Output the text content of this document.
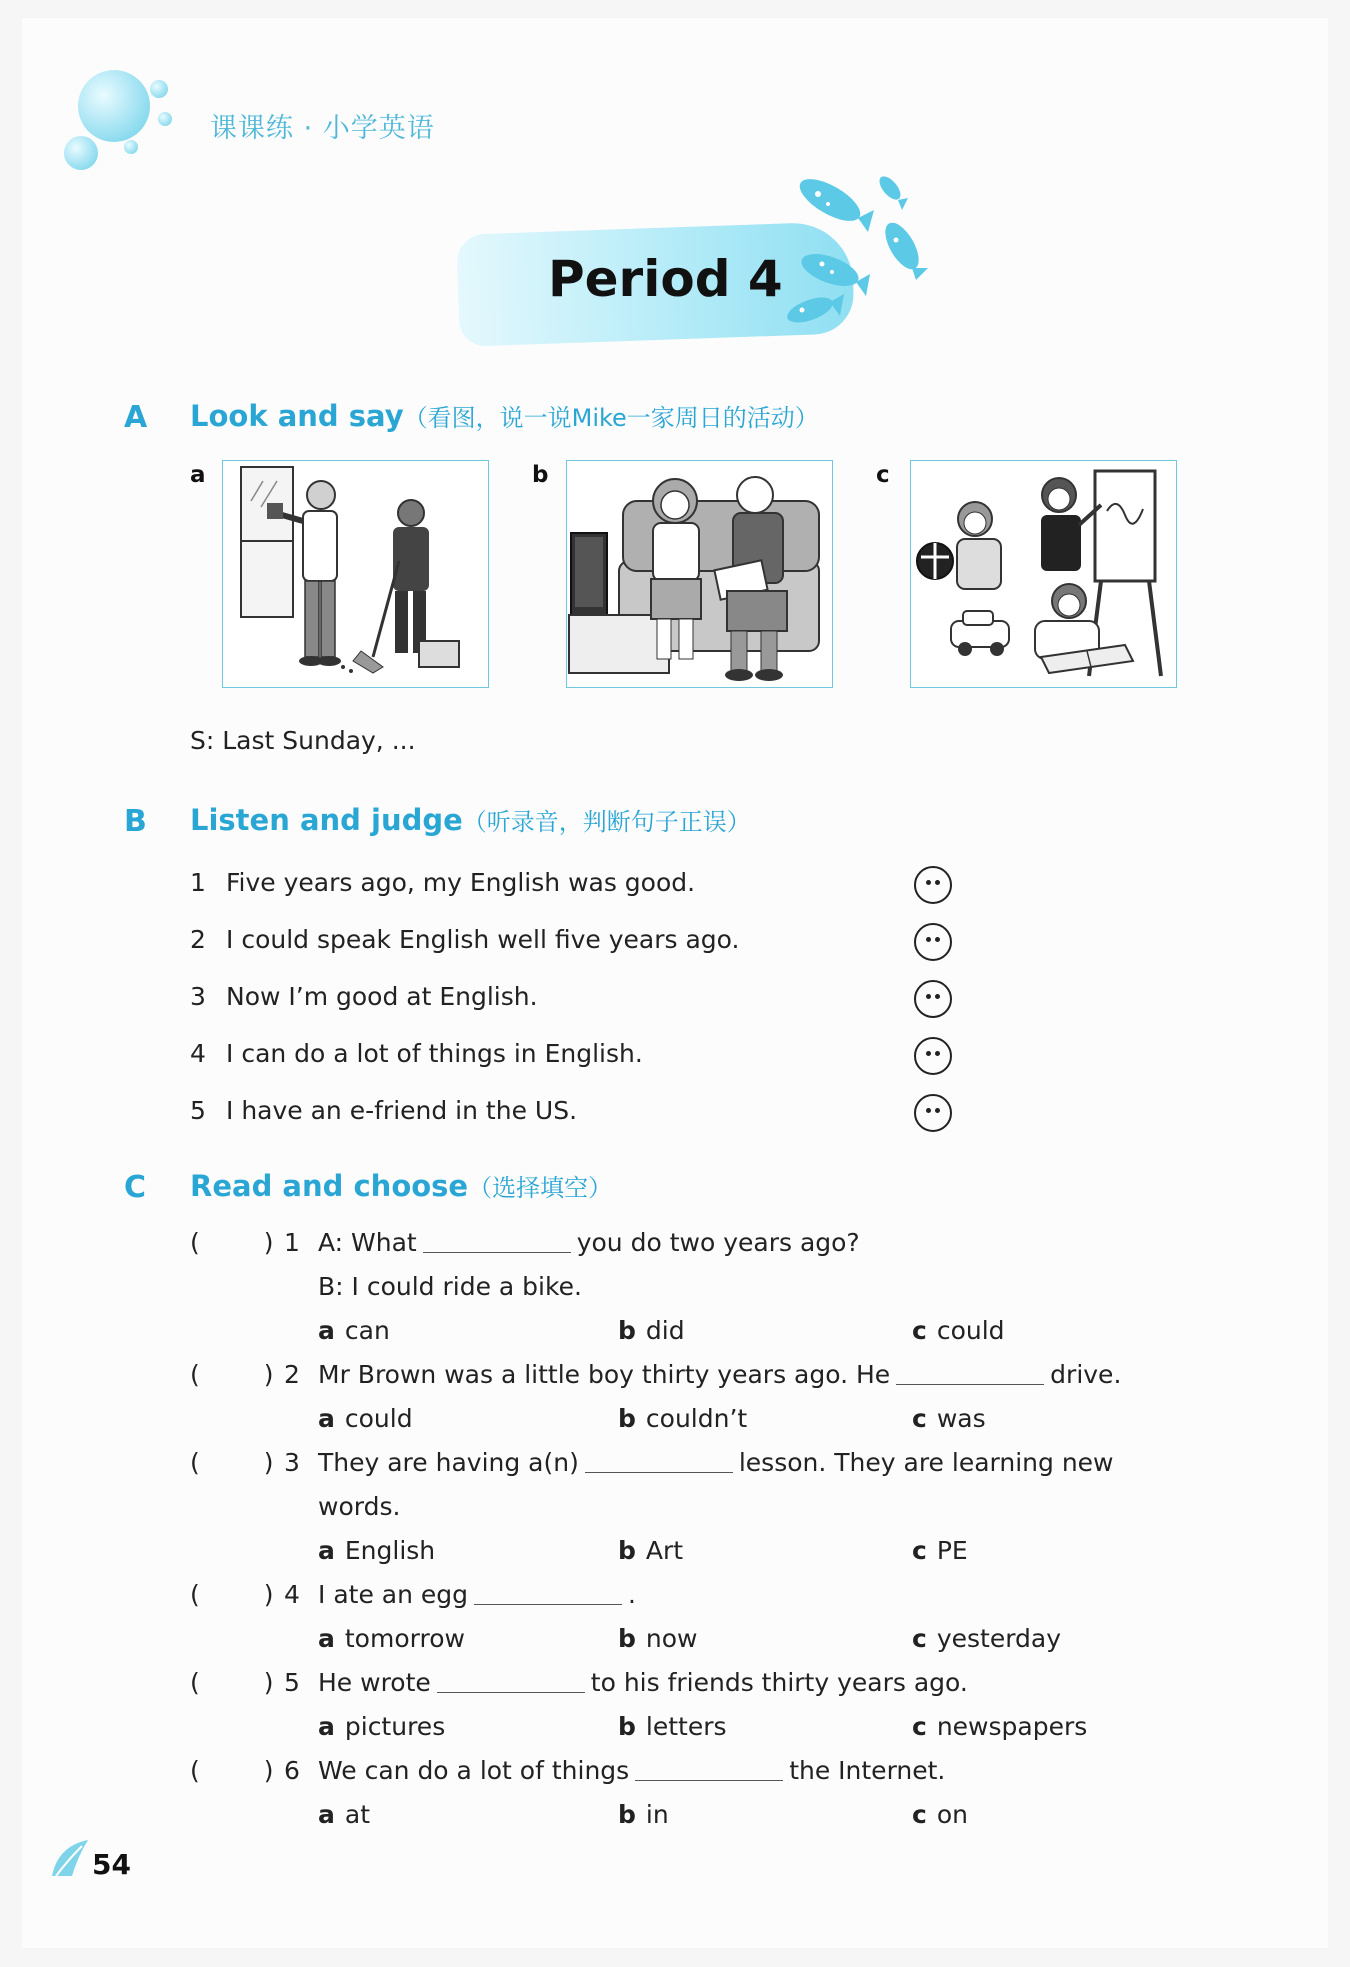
课课练 · 小学英语
Period 4
A Look and say（看图，说一说Mike一家周日的活动）
a	b	c
S: Last Sunday, ...
B Listen and judge（听录音，判断句子正误）
1 Five years ago, my English was good.
2 I could speak English well five years ago.
3 Now I’m good at English.
4 I can do a lot of things in English.
5 I have an e-friend in the US.
C Read and choose（选择填空）
(	) 1 A: What	you do two years ago?
B: I could ride a bike.
a can	b did	c could
(	) 2 Mr Brown was a little boy thirty years ago. He	drive.
a could	b couldn’t	c was
(	) 3 They are having a(n)	lesson. They are learning new
words.
a English	b Art	c PE
(	) 4 I ate an egg	.
a tomorrow	b now	c yesterday
(	) 5 He wrote	to his friends thirty years ago.
a pictures	b letters	c newspapers
(	) 6 We can do a lot of things	the Internet.
a at	b in	c on
54
